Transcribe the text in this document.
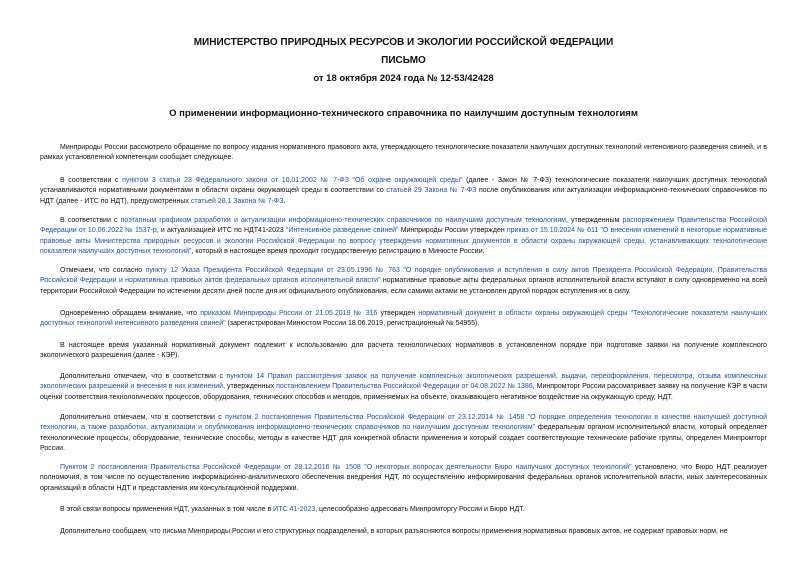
МИНИСТЕРСТВО ПРИРОДНЫХ РЕСУРСОВ И ЭКОЛОГИИ РОССИЙСКОЙ ФЕДЕРАЦИИ
ПИСЬМО
от 18 октября 2024 года № 12-53/42428
О применении информационно-технического справочника по наилучшим доступным технологиям
Минприроды России рассмотрело обращение по вопросу издания нормативного правового акта, утверждающего технологические показатели наилучших доступных технологий интенсивного разведения свиней, и в рамках установленной компетенции сообщает следующее.
В соответствии с пунктом 3 статьи 23 Федерального закона от 10.01.2002 № 7-ФЗ "Об охране окружающей среды" (далее - Закон № 7-ФЗ) технологические показатели наилучших доступных технологий устанавливаются нормативными документами в области охраны окружающей среды в соответствии со статьей 29 Закона № 7-ФЗ после опубликования или актуализации информационно-технических справочников по НДТ (далее - ИТС по НДТ), предусмотренных статьей 28.1 Закона № 7-ФЗ.
В соответствии с поэтапным графиком разработки и актуализации информационно-технических справочников по наилучшим доступным технологиям, утвержденным распоряжением Правительства Российской Федерации от 10.06.2022 № 1537-р, и актуализацией ИТС по НДТ41-2023 "Интенсивное разведение свиней" Минприроды России утвержден приказ от 15.10.2024 № 611 "О внесении изменений в некоторые нормативные правовые акты Министерства природных ресурсов и экологии Российской Федерации по вопросу утверждения нормативных документов в области охраны окружающей среды, устанавливающих технологические показатели наилучших доступных технологий", который в настоящее время проходит государственную регистрацию в Минюсте России.
Отмечаем, что согласно пункту 12 Указа Президента Российской Федерации от 23.05.1996 № 763 "О порядке опубликования и вступления в силу актов Президента Российской Федерации, Правительства Российской Федерации и нормативных правовых актов федеральных органов исполнительной власти" нормативные правовые акты федеральных органов исполнительной власти вступают в силу одновременно на всей территории Российской Федерации по истечении десяти дней после дня их официального опубликования, если самими актами не установлен другой порядок вступления их в силу.
Одновременно обращаем внимание, что приказом Минприроды России от 21.05.2019 № 316 утвержден нормативный документ в области охраны окружающей среды "Технологические показатели наилучших доступных технологий интенсивного разведения свиней" (зарегистрирован Минюстом России 18.06.2019, регистрационный № 54955).
В настоящее время указанный нормативный документ подлежит к использованию для расчета технологических нормативов в установленном порядке при подготовке заявки на получение комплексного экологического разрешения (далее - КЭР).
Дополнительно отмечаем, что в соответствии с пунктом 14 Правил рассмотрения заявок на получение комплексных экологических разрешений, выдачи, переоформления, пересмотра, отзыва комплексных экологических разрешений и внесения в них изменений, утвержденных постановлением Правительства Российской Федерации от 04.08.2022 № 1386, Минпромторг России рассматривает заявку на получение КЭР в части оценки соответствия технологических процессов, оборудования, технических способов и методов, применяемых на объекте, оказывающего негативное воздействие на окружающую среду, НДТ.
Дополнительно отмечаем, что в соответствии с пунктом 2 постановления Правительства Российской Федерации от 23.12.2014 № 1458 "О порядке определения технологии в качестве наилучшей доступной технологии, а также разработки, актуализации и опубликования информационно-технических справочников по наилучшим доступным технологиям" федеральным органом исполнительной власти, который определяет технологические процессы, оборудование, технические способы, методы в качестве НДТ для конкретной области применения и который создает соответствующие технические рабочие группы, определен Минпромторг России.
Пунктом 2 постановления Правительства Российской Федерации от 28.12.2016 № 1508 "О некоторых вопросах деятельности Бюро наилучших доступных технологий" установлено, что Бюро НДТ реализует полномочия, в том числе по осуществлению информационно-аналитического обеспечения внедрения НДТ, по осуществлению информирования федеральных органов исполнительной власти, иных заинтересованных организаций в области НДТ и представления им консультационной поддержки.
В этой связи вопросы применения НДТ, указанных в том числе в ИТС 41-2023, целесообразно адресовать Минпромторгу России и Бюро НДТ.
Дополнительно сообщаем, что письма Минприроды России и его структурных подразделений, в которых разъясняются вопросы применения нормативных правовых актов, не содержат правовых норм, не
